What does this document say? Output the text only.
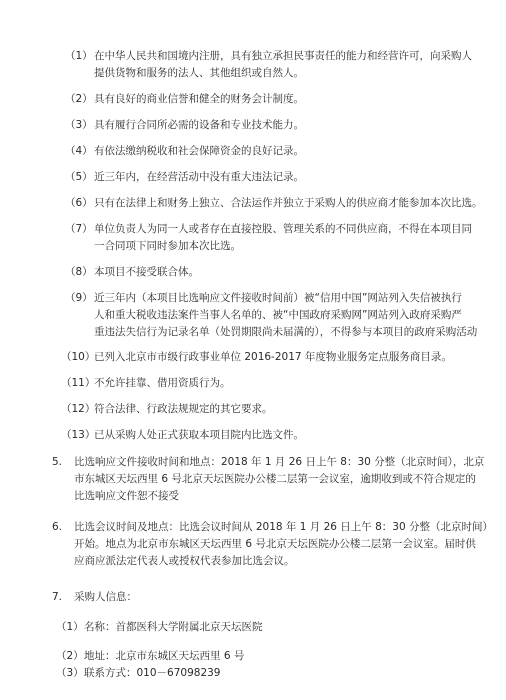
（1） 在中华人民共和国境内注册，具有独立承担民事责任的能力和经营许可，向采购人
提供货物和服务的法人、其他组织或自然人。
（2） 具有良好的商业信誉和健全的财务会计制度。
（3） 具有履行合同所必需的设备和专业技术能力。
（4） 有依法缴纳税收和社会保障资金的良好记录。
（5） 近三年内，在经营活动中没有重大违法记录。
（6） 只有在法律上和财务上独立、合法运作并独立于采购人的供应商才能参加本次比选。
（7） 单位负责人为同一人或者存在直接控股、管理关系的不同供应商，不得在本项目同
一合同项下同时参加本次比选。
（8） 本项目不接受联合体。
（9） 近三年内（本项目比选响应文件接收时间前）被“信用中国”网站列入失信被执行
人和重大税收违法案件当事人名单的、被“中国政府采购网”网站列入政府采购严
重违法失信行为记录名单（处罚期限尚未届满的），不得参与本项目的政府采购活动
（10）
已列入北京市市级行政事业单位 2016-2017 年度物业服务定点服务商目录。
（11）
不允许挂靠、借用资质行为。
（12）
符合法律、行政法规规定的其它要求。
（13）
已从采购人处正式获取本项目院内比选文件。
5. 比选响应文件接收时间和地点：2018 年 1 月 26 日上午 8：30 分整（北京时间），北京
市东城区天坛西里 6 号北京天坛医院办公楼二层第一会议室，逾期收到或不符合规定的
比选响应文件恕不接受
6. 比选会议时间及地点：比选会议时间从 2018 年 1 月 26 日上午 8：30 分整（北京时间）
开始。地点为北京市东城区天坛西里 6 号北京天坛医院办公楼二层第一会议室。届时供
应商应派法定代表人或授权代表参加比选会议。
7. 采购人信息：
（1） 名称：首都医科大学附属北京天坛医院
（2） 地址：北京市东城区天坛西里 6 号
（3） 联系方式：010－67098239
